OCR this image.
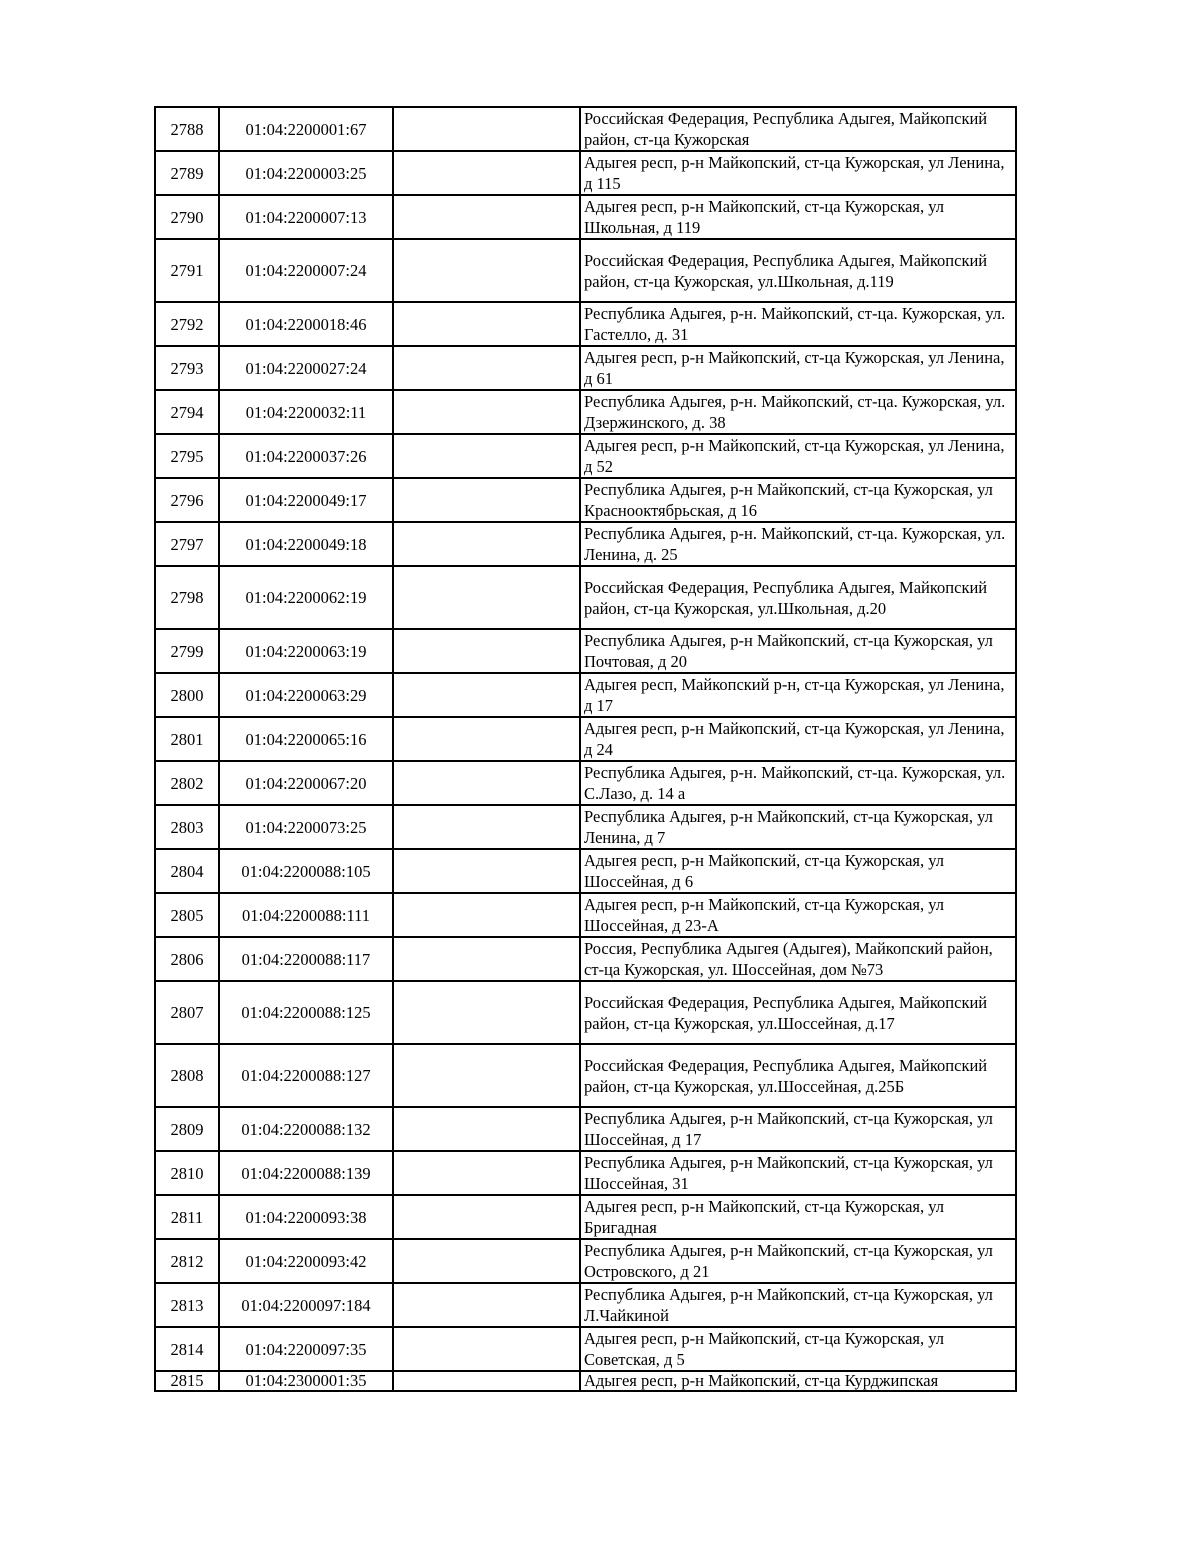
2788	01:04:2200001:67		Российская Федерация, Республика Адыгея, Майкопский район, ст-ца Кужорская
2789	01:04:2200003:25		Адыгея респ, р-н Майкопский, ст-ца Кужорская, ул Ленина, д 115
2790	01:04:2200007:13		Адыгея респ, р-н Майкопский, ст-ца Кужорская, ул Школьная, д 119
2791	01:04:2200007:24		Российская Федерация, Республика Адыгея, Майкопский район, ст-ца Кужорская, ул.Школьная, д.119
2792	01:04:2200018:46		Республика Адыгея, р-н. Майкопский, ст-ца. Кужорская, ул. Гастелло, д. 31
2793	01:04:2200027:24		Адыгея респ, р-н Майкопский, ст-ца Кужорская, ул Ленина, д 61
2794	01:04:2200032:11		Республика Адыгея, р-н. Майкопский, ст-ца. Кужорская, ул. Дзержинского, д. 38
2795	01:04:2200037:26		Адыгея респ, р-н Майкопский, ст-ца Кужорская, ул Ленина, д 52
2796	01:04:2200049:17		Республика Адыгея, р-н Майкопский, ст-ца Кужорская, ул Краснооктябрьская, д 16
2797	01:04:2200049:18		Республика Адыгея, р-н. Майкопский, ст-ца. Кужорская, ул. Ленина, д. 25
2798	01:04:2200062:19		Российская Федерация, Республика Адыгея, Майкопский район, ст-ца Кужорская, ул.Школьная, д.20
2799	01:04:2200063:19		Республика Адыгея, р-н Майкопский, ст-ца Кужорская, ул Почтовая, д 20
2800	01:04:2200063:29		Адыгея респ, Майкопский р-н, ст-ца Кужорская, ул Ленина, д 17
2801	01:04:2200065:16		Адыгея респ, р-н Майкопский, ст-ца Кужорская, ул Ленина, д 24
2802	01:04:2200067:20		Республика Адыгея, р-н. Майкопский, ст-ца. Кужорская, ул. С.Лазо, д. 14 а
2803	01:04:2200073:25		Республика Адыгея, р-н Майкопский, ст-ца Кужорская, ул Ленина, д 7
2804	01:04:2200088:105		Адыгея респ, р-н Майкопский, ст-ца Кужорская, ул Шоссейная, д 6
2805	01:04:2200088:111		Адыгея респ, р-н Майкопский, ст-ца Кужорская, ул Шоссейная, д 23-А
2806	01:04:2200088:117		Россия, Республика Адыгея (Адыгея), Майкопский район, ст-ца Кужорская, ул. Шоссейная, дом №73
2807	01:04:2200088:125		Российская Федерация, Республика Адыгея, Майкопский район, ст-ца Кужорская, ул.Шоссейная, д.17
2808	01:04:2200088:127		Российская Федерация, Республика Адыгея, Майкопский район, ст-ца Кужорская, ул.Шоссейная, д.25Б
2809	01:04:2200088:132		Республика Адыгея, р-н Майкопский, ст-ца Кужорская, ул Шоссейная, д 17
2810	01:04:2200088:139		Республика Адыгея, р-н Майкопский, ст-ца Кужорская, ул Шоссейная, 31
2811	01:04:2200093:38		Адыгея респ, р-н Майкопский, ст-ца Кужорская, ул Бригадная
2812	01:04:2200093:42		Республика Адыгея, р-н Майкопский, ст-ца Кужорская, ул Островского, д 21
2813	01:04:2200097:184		Республика Адыгея, р-н Майкопский, ст-ца Кужорская, ул Л.Чайкиной
2814	01:04:2200097:35		Адыгея респ, р-н Майкопский, ст-ца Кужорская, ул Советская, д 5
2815	01:04:2300001:35		Адыгея респ, р-н Майкопский, ст-ца Курджипская
